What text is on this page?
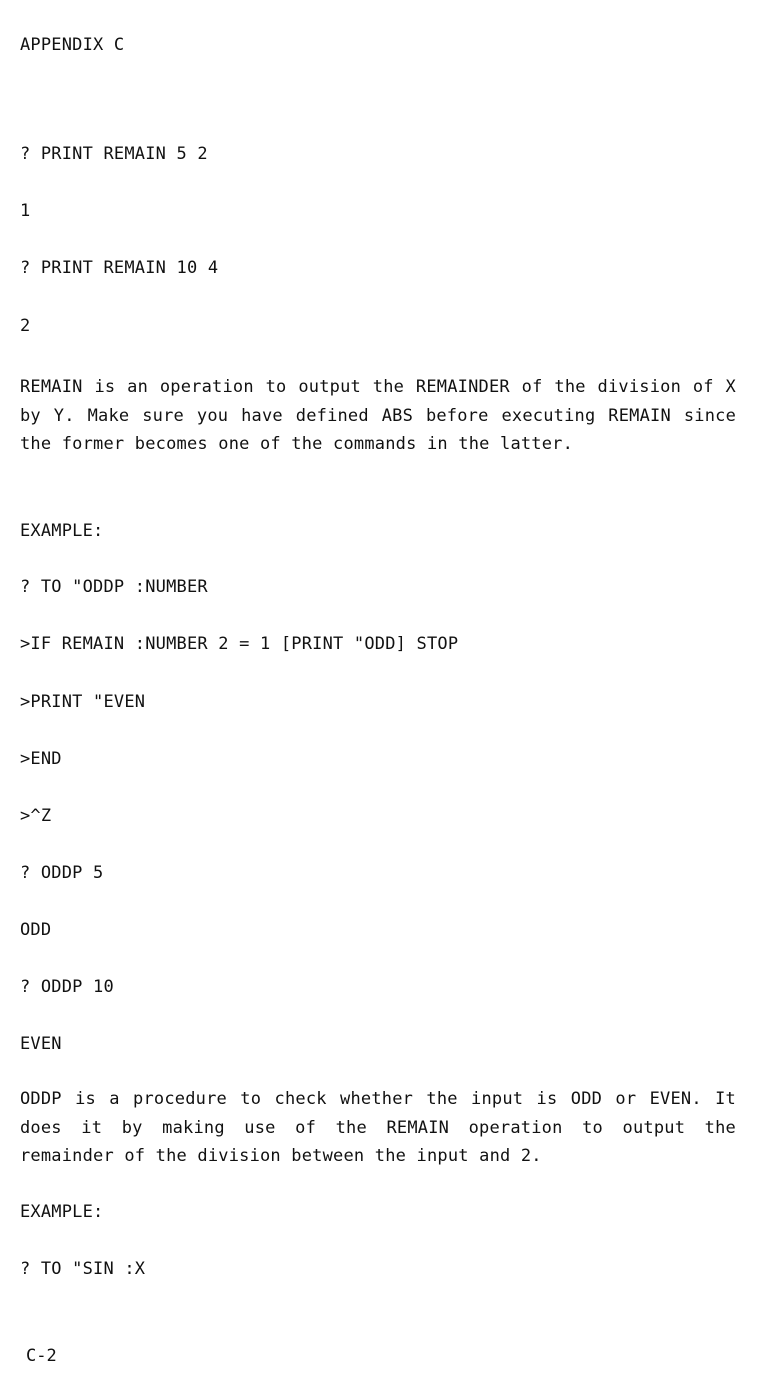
APPENDIX C
? PRINT REMAIN 5 2
1
? PRINT REMAIN 10 4
2
REMAIN is an operation to output the REMAINDER of the division of X by Y. Make sure you have defined ABS before executing REMAIN since the former becomes one of the commands in the latter.
EXAMPLE:
? TO "ODDP :NUMBER
>IF REMAIN :NUMBER 2 = 1 [PRINT "ODD] STOP
>PRINT "EVEN
>END
>^Z
? ODDP 5
ODD
? ODDP 10
EVEN
ODDP is a procedure to check whether the input is ODD or EVEN. It does it by making use of the REMAIN operation to output the remainder of the division between the input and 2.
EXAMPLE:
? TO "SIN :X
C-2
